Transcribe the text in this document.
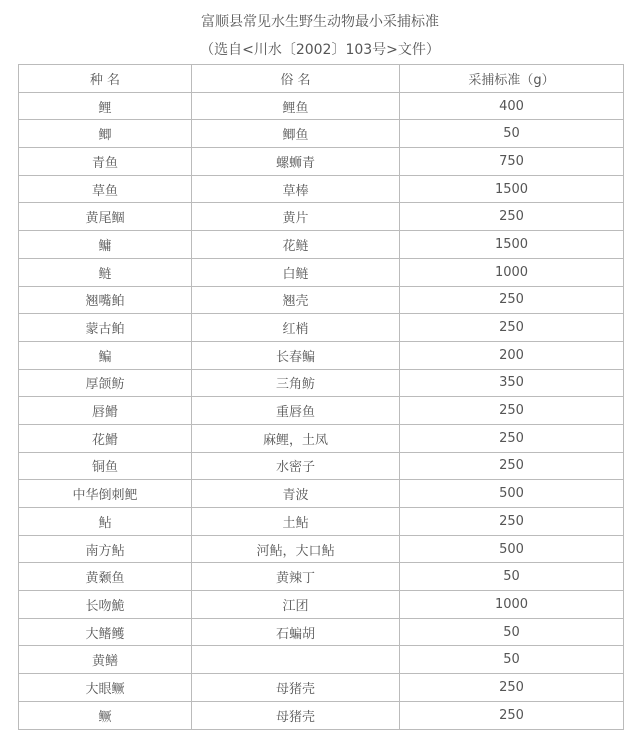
富顺县常见水生野生动物最小采捕标准
（选自<川水〔2002〕103号>文件）
种 名	俗 名	采捕标准（g）
鲤	鲤鱼	400
鲫	鲫鱼	50
青鱼	螺蛳青	750
草鱼	草棒	1500
黄尾鲴	黄片	250
鳙	花鲢	1500
鲢	白鲢	1000
翘嘴鲌	翘壳	250
蒙古鲌	红梢	250
鳊	长春鳊	200
厚颌鲂	三角鲂	350
唇䱻	重唇鱼	250
花䱻	麻鲤，土凤	250
铜鱼	水密子	250
中华倒刺鲃	青波	500
鲇	土鲇	250
南方鲇	河鲇，大口鲇	500
黄颡鱼	黄辣丁	50
长吻鮠	江团	1000
大鳍鳠	石蝙胡	50
黄鳝		50
大眼鳜	母猪壳	250
鳜	母猪壳	250
